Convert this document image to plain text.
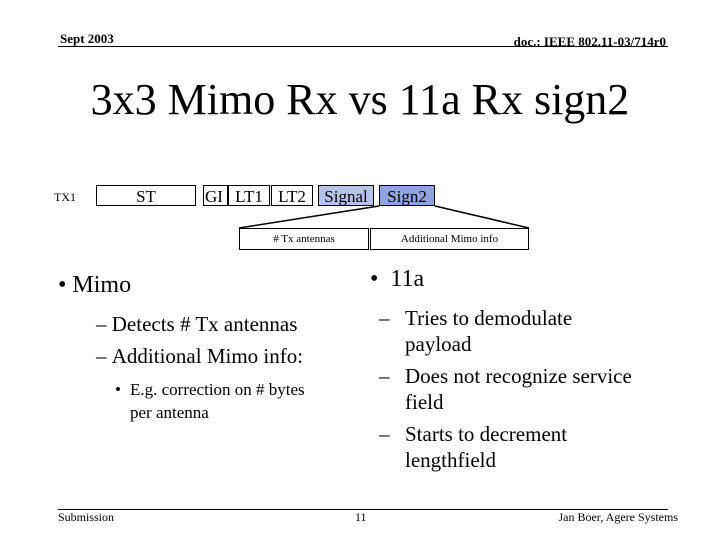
Sept 2003	doc.: IEEE 802.11-03/714r0
3x3 Mimo Rx vs 11a Rx sign2
TX1	ST	GI LT1 LT2	Signal	Sign2
# Tx antennas	Additional Mimo info
• Mimo
– Detects # Tx antennas
– Additional Mimo info:
• E.g. correction on # bytes per antenna
•  11a
– Tries to demodulate payload
– Does not recognize service field
– Starts to decrement lengthfield
Submission	11	Jan Boer, Agere Systems
